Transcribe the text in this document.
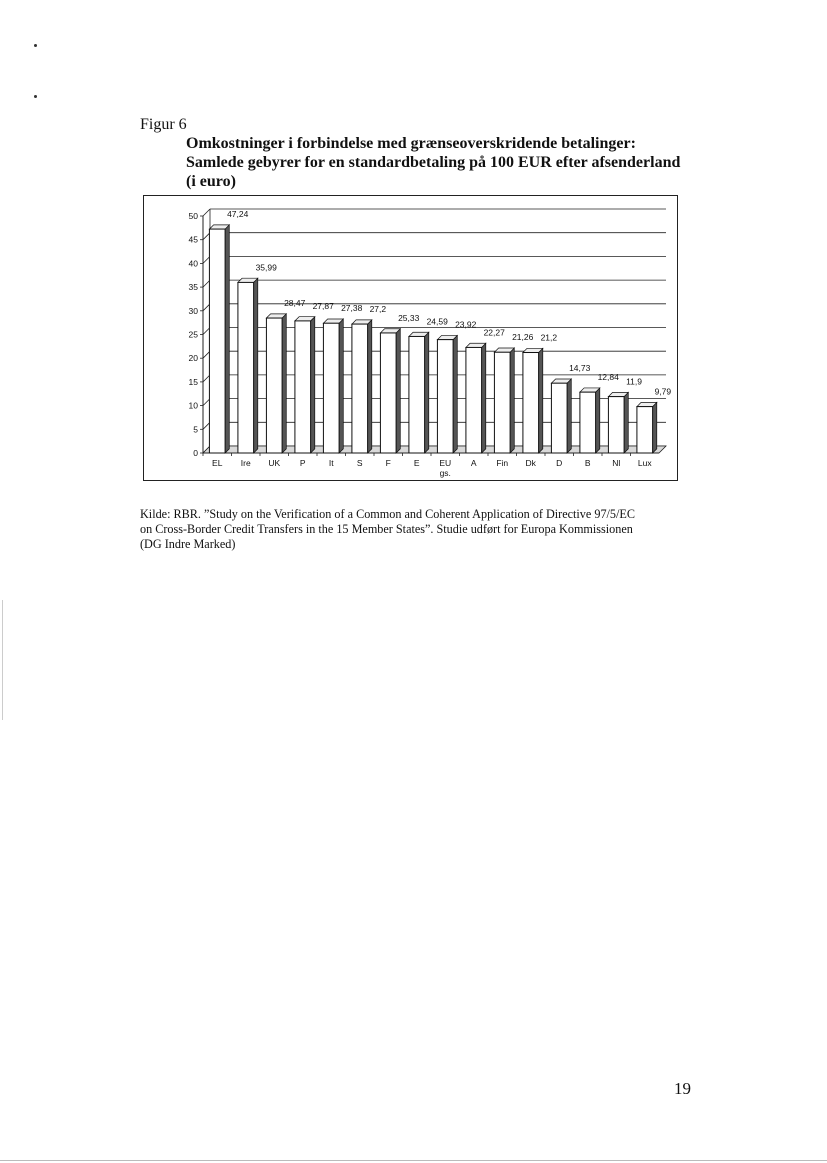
Figur 6
Omkostninger i forbindelse med grænseoverskridende betalinger:
Samlede gebyrer for en standardbetaling på 100 EUR efter afsenderland
(i euro)
0
5
10
15
20
25
30
35
40
45
50	47,24
EL
35,99
Ire
28,47
UK
27,87
P
27,38
It
27,2
S
25,33
F
24,59
E
23,92
EU
gs.
22,27
A
21,26
Fin
21,2
Dk
14,73
D
12,84
B
11,9
Nl
9,79
Lux
Kilde: RBR. ”Study on the Verification of a Common and Coherent Application of Directive 97/5/EC
on Cross-Border Credit Transfers in the 15 Member States”. Studie udført for Europa Kommissionen
(DG Indre Marked)
19
